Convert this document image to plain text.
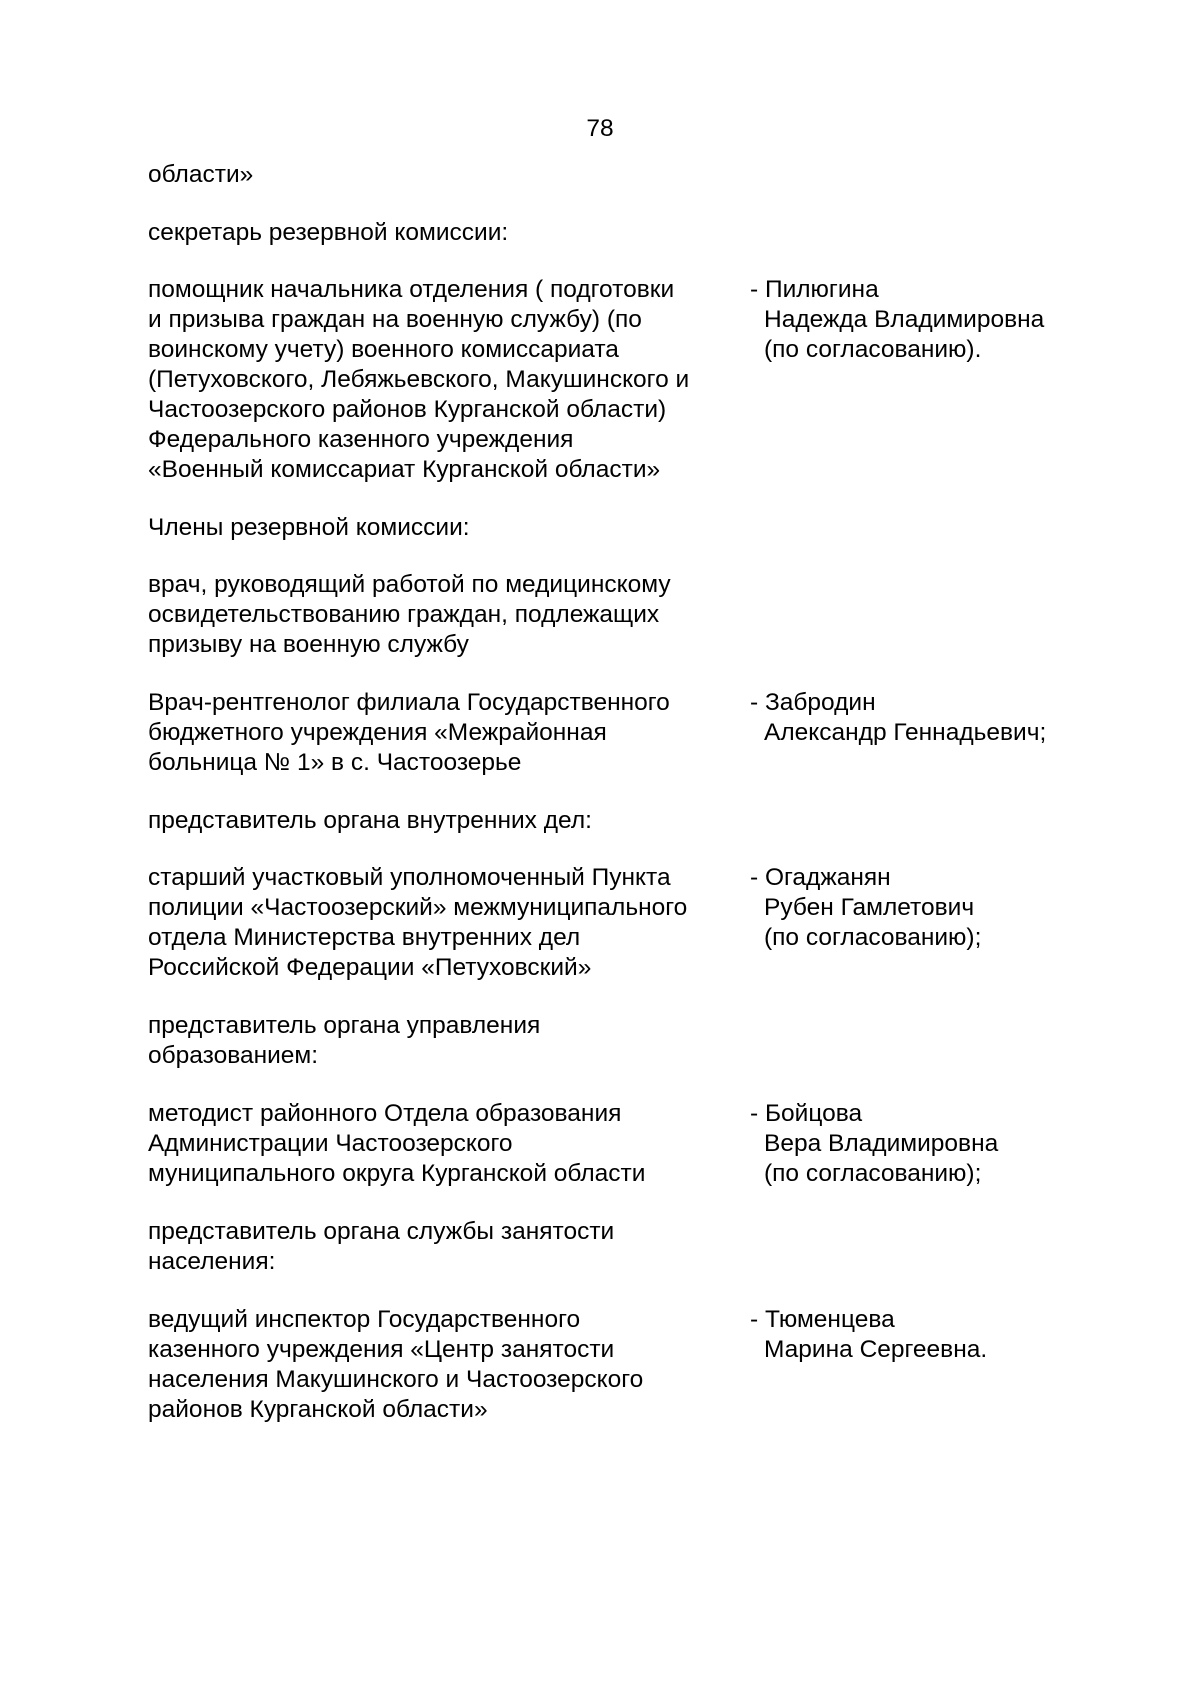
78

области»

секретарь резервной комиссии:

помощник начальника отделения ( подготовки
и призыва граждан на военную службу) (по
воинскому учету) военного комиссариата
(Петуховского, Лебяжьевского, Макушинского и
Частоозерского районов Курганской области)
Федерального казенного учреждения
«Военный комиссариат Курганской области»
- Пилюгина
Надежда Владимировна
(по согласованию).

Члены резервной комиссии:

врач, руководящий работой по медицинскому
освидетельствованию граждан, подлежащих
призыву на военную службу
Врач-рентгенолог филиала Государственного
бюджетного учреждения «Межрайонная
больница № 1» в с. Частоозерье
- Забродин
Александр Геннадьевич;

представитель органа внутренних дел:

старший участковый уполномоченный Пункта
полиции «Частоозерский» межмуниципального
отдела Министерства внутренних дел
Российской Федерации «Петуховский»
- Огаджанян
Рубен Гамлетович
(по согласованию);
представитель органа управления
образованием:
методист районного Отдела образования
Администрации Частоозерского
муниципального округа Курганской области
- Бойцова
Вера Владимировна
(по согласованию);
представитель органа службы занятости
населения:
ведущий инспектор Государственного
казенного учреждения «Центр занятости
населения Макушинского и Частоозерского
районов Курганской области»
- Тюменцева
Марина Сергеевна.
